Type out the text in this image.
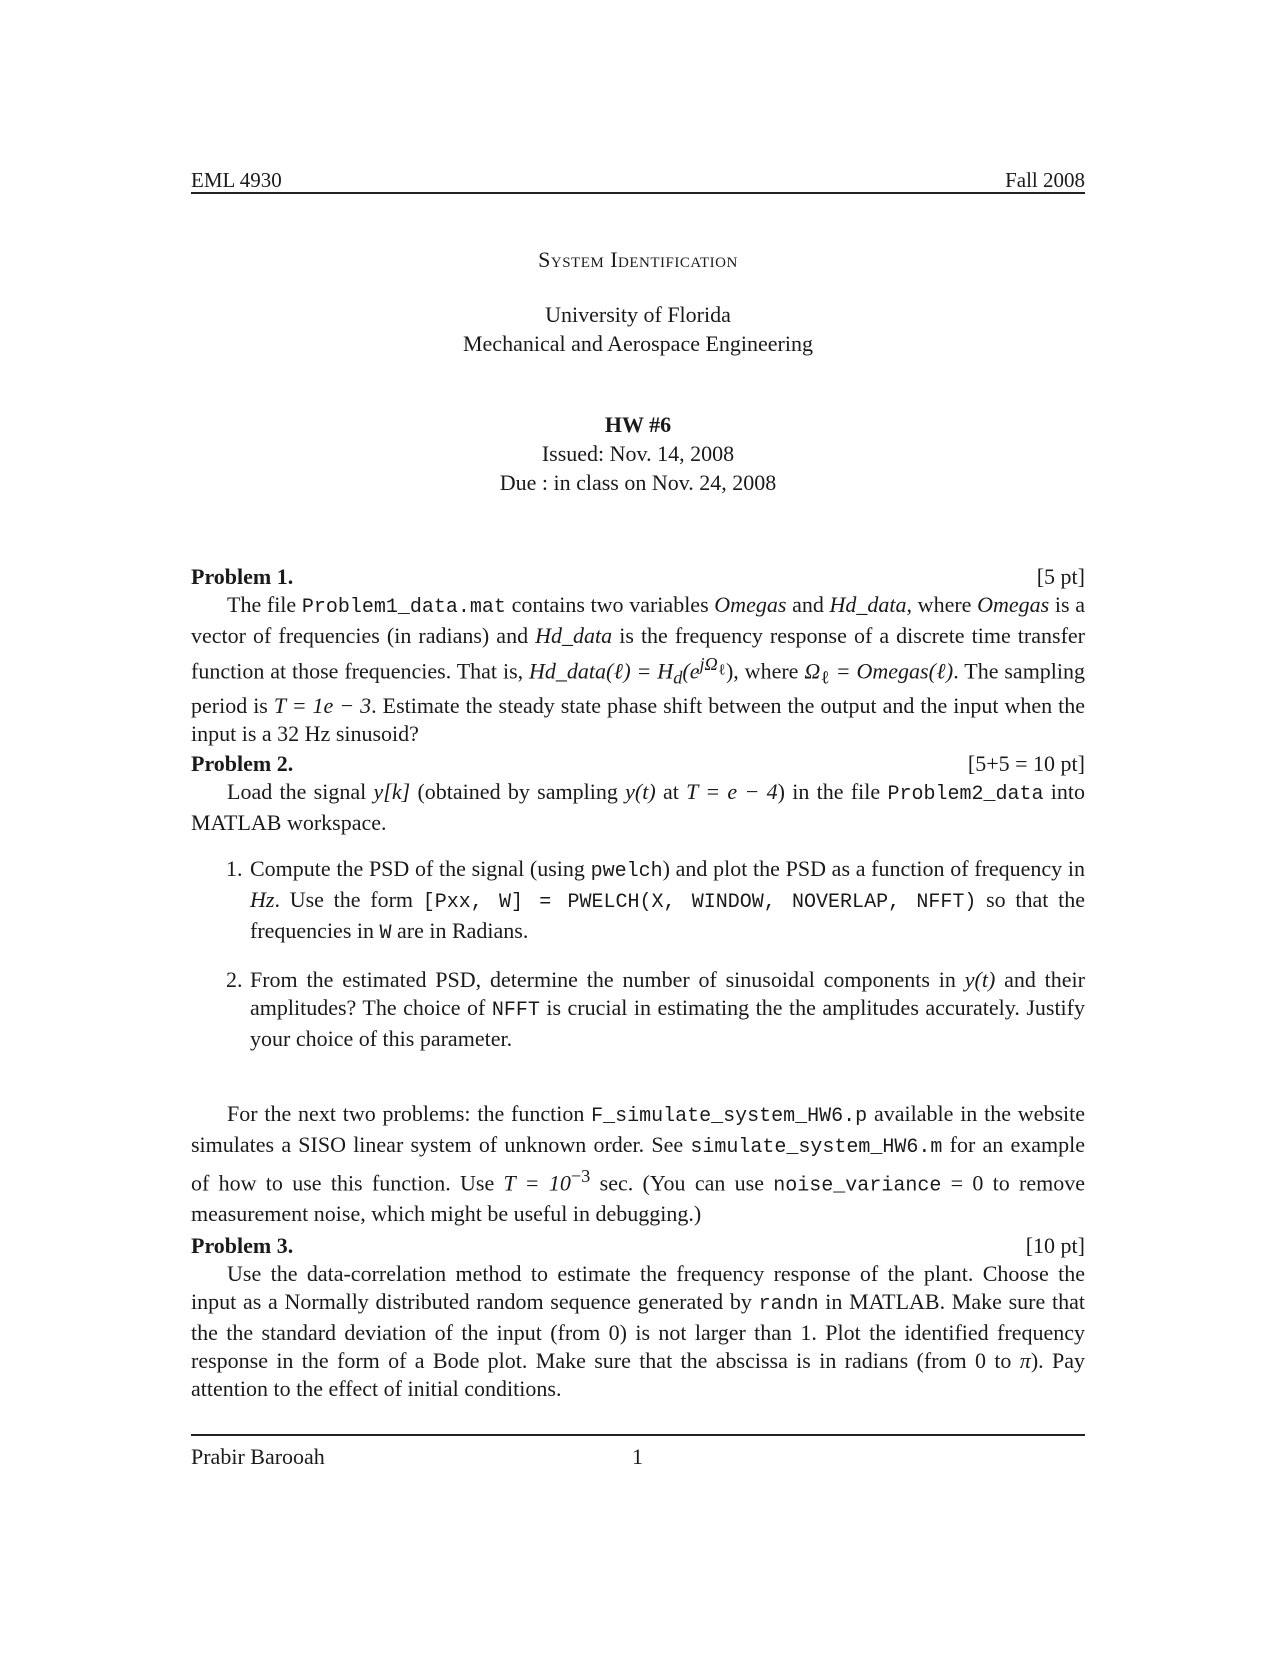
EML 4930	Fall 2008
System Identification
University of Florida
Mechanical and Aerospace Engineering
HW #6
Issued: Nov. 14, 2008
Due : in class on Nov. 24, 2008
Problem 1.	[5 pt]
The file Problem1_data.mat contains two variables Omegas and Hd_data, where Omegas is a vector of frequencies (in radians) and Hd_data is the frequency response of a discrete time transfer function at those frequencies. That is, Hd_data(ℓ) = $H_d(e^{j\Omega_\ell})$, where $\Omega_\ell$ = Omegas(ℓ). The sampling period is T = 1e − 3. Estimate the steady state phase shift between the output and the input when the input is a 32 Hz sinusoid?
Problem 2.	[5+5 = 10 pt]
Load the signal y[k] (obtained by sampling y(t) at T = e − 4) in the file Problem2_data into MATLAB workspace.
1. Compute the PSD of the signal (using pwelch) and plot the PSD as a function of frequency in Hz. Use the form [Pxx, W] = PWELCH(X, WINDOW, NOVERLAP, NFFT) so that the frequencies in W are in Radians.
2. From the estimated PSD, determine the number of sinusoidal components in y(t) and their amplitudes? The choice of NFFT is crucial in estimating the the amplitudes accurately. Justify your choice of this parameter.
For the next two problems: the function F_simulate_system_HW6.p available in the website simulates a SISO linear system of unknown order. See simulate_system_HW6.m for an example of how to use this function. Use $T = 10^{-3}$ sec. (You can use noise_variance = 0 to remove measurement noise, which might be useful in debugging.)
Problem 3.	[10 pt]
Use the data-correlation method to estimate the frequency response of the plant. Choose the input as a Normally distributed random sequence generated by randn in MATLAB. Make sure that the the standard deviation of the input (from 0) is not larger than 1. Plot the identified frequency response in the form of a Bode plot. Make sure that the abscissa is in radians (from 0 to π). Pay attention to the effect of initial conditions.
Prabir Barooah	1
